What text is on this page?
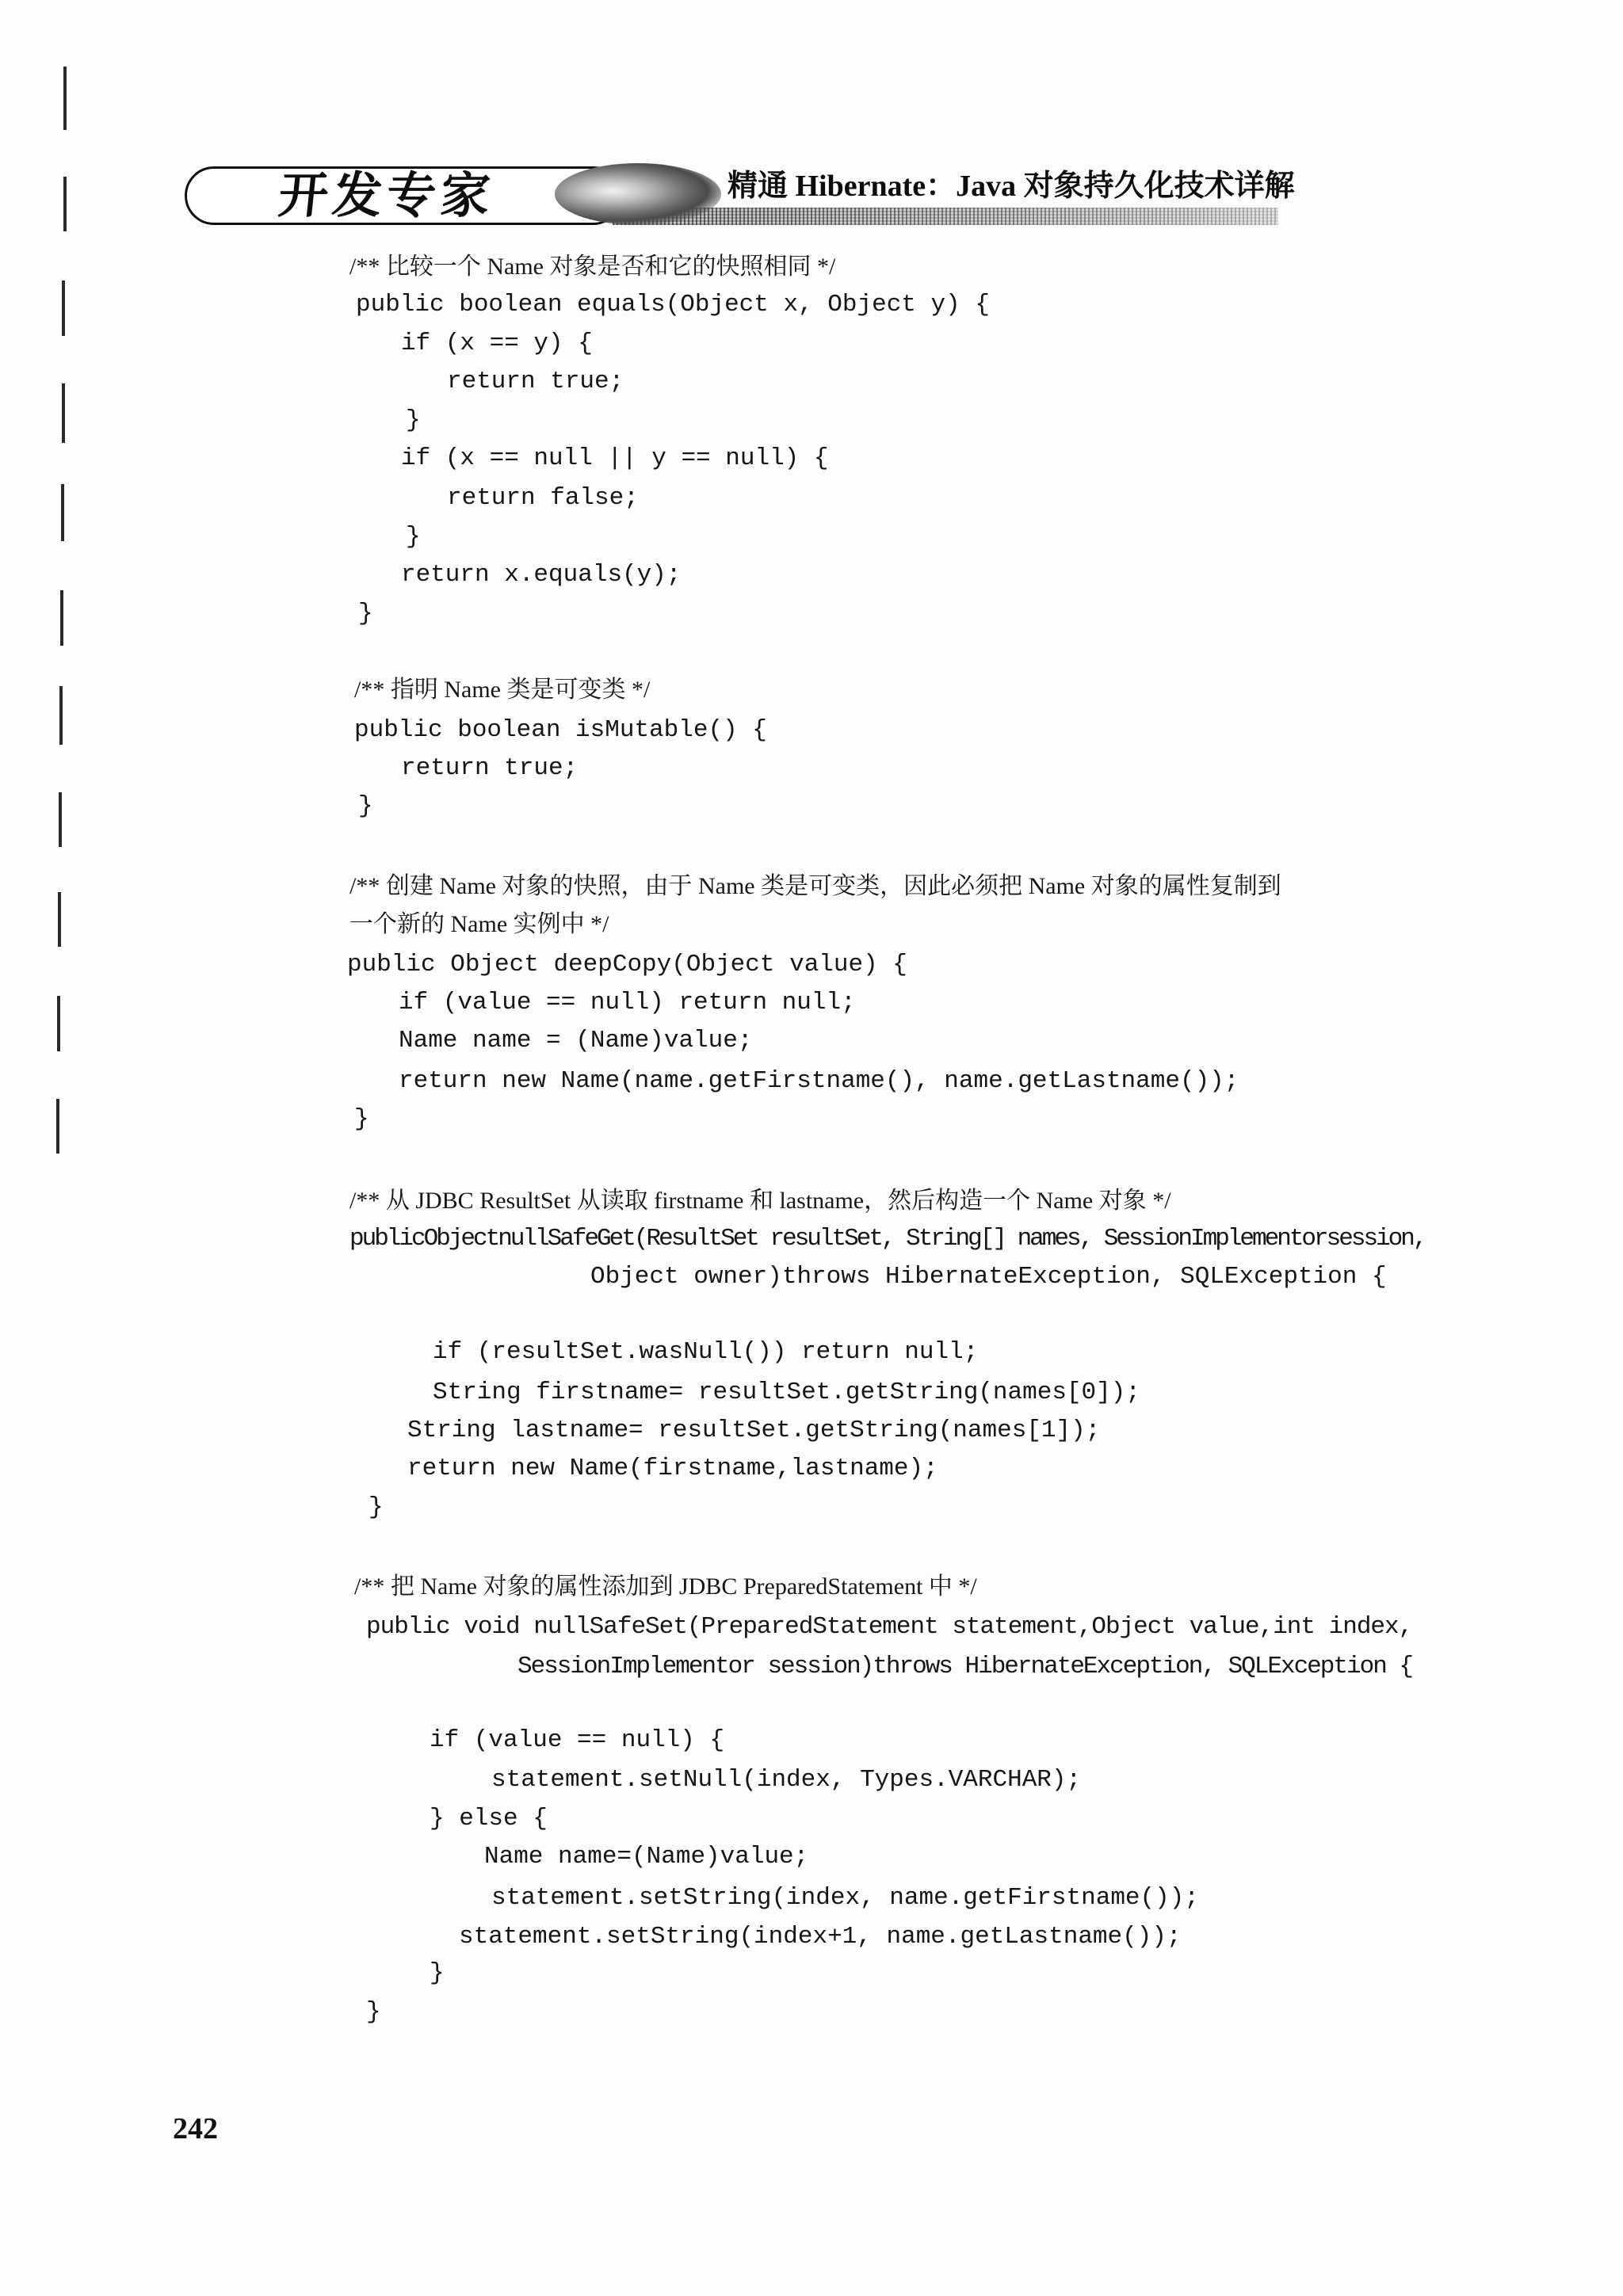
开发专家	精通 Hibernate：Java 对象持久化技术详解
/** 比较一个 Name 对象是否和它的快照相同 */
public boolean equals(Object x, Object y) {
if (x == y) {
return true;
}
if (x == null || y == null) {
return false;
}
return x.equals(y);
}
/** 指明 Name 类是可变类 */
public boolean isMutable() {
return true;
}
/** 创建 Name 对象的快照，由于 Name 类是可变类，因此必须把 Name 对象的属性复制到
一个新的 Name 实例中 */
public Object deepCopy(Object value) {
if (value == null) return null;
Name name = (Name)value;
return new Name(name.getFirstname(), name.getLastname());
}
/** 从 JDBC ResultSet 从读取 firstname 和 lastname，然后构造一个 Name 对象 */
publicObjectnullSafeGet(ResultSet resultSet, String[] names, SessionImplementorsession,
Object owner)throws HibernateException, SQLException {
if (resultSet.wasNull()) return null;
String firstname= resultSet.getString(names[0]);
String lastname= resultSet.getString(names[1]);
return new Name(firstname,lastname);
}
/** 把 Name 对象的属性添加到 JDBC PreparedStatement 中 */
public void nullSafeSet(PreparedStatement statement,Object value,int index,
SessionImplementor session)throws HibernateException, SQLException {
if (value == null) {
statement.setNull(index, Types.VARCHAR);
} else {
Name name=(Name)value;
statement.setString(index, name.getFirstname());
statement.setString(index+1, name.getLastname());
}
}
242
